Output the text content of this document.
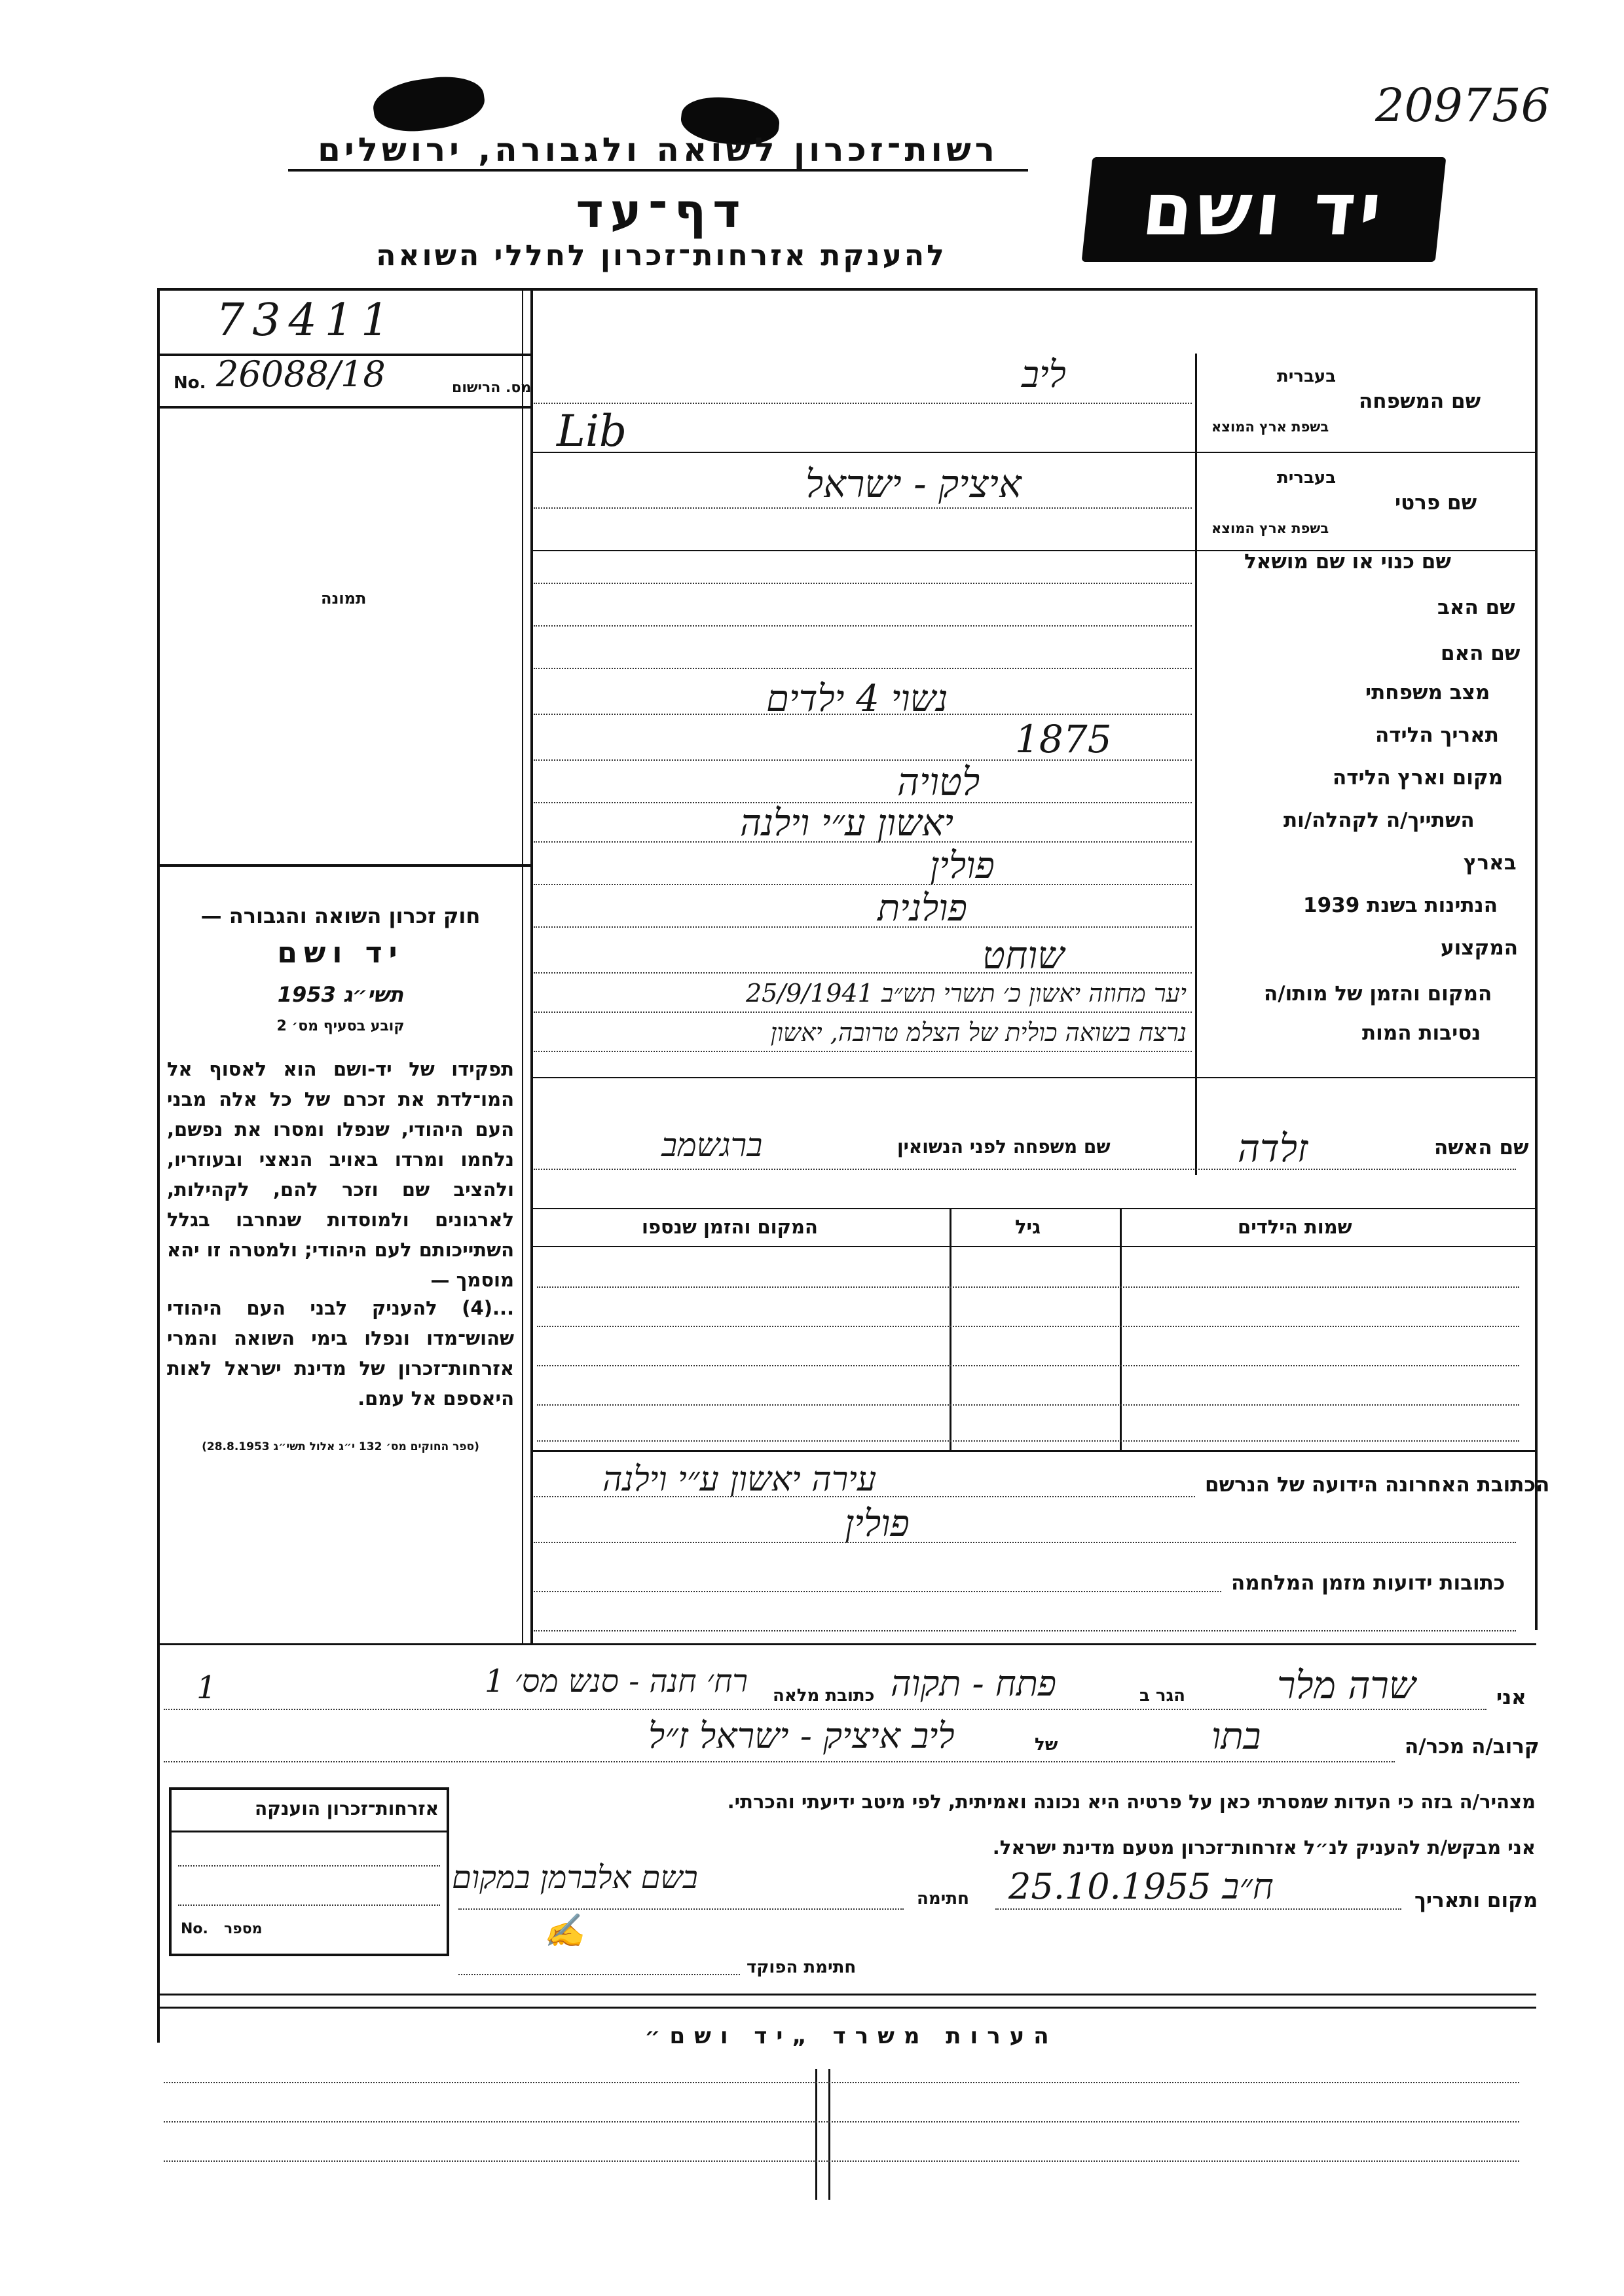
209756
רשות־זכרון לשואה ולגבורה, ירושלים
דף־עד
להענקת אזרחות־זכרון לחללי השואה
יד ושם
73411
No. 26088/18	מס. הרישום
תמונה
חוק זכרון השואה והגבורה —
יד ושם
תשי״ג 1953
קובע בסעיף מס׳ 2
תפקידו של יד-ושם הוא לאסוף אל המו־לדת את זכרם של כל אלה מבני העם היהודי, שנפלו ומסרו את נפשם, נלחמו ומרדו באויב הנאצי ובעוזריו, ולהציב שם וזכר להם, לקהילות, לארגונים ולמוסדות שנחרבו בגלל השתייכותם לעם היהודי; ולמטרה זו יהא מוסמך —
...(4) להעניק לבני העם היהודי שהוש־מדו ונפלו בימי השואה והמרי אזרחות־זכרון של מדינת ישראל לאות היאספם אל עמם.
(ספר החוקים מס׳ 132 י״ג אלול תשי״ג 28.8.1953)
שם המשפחה
בעברית
בשפת ארץ המוצא
ליב
Lib
שם פרטי
בעברית
בשפת ארץ המוצא
איציק - ישראל
שם כנוי או שם מושאל
שם האב
שם האם
מצב משפחתי
נשוי 4 ילדים
תאריך הלידה
1875
מקום וארץ הלידה
לטויה
השתייך/ה לקהלה/ות
יאשון ע״י וילנה
בארץ
פולין
הנתינות בשנת 1939
פולנית
המקצוע
שוחט
המקום והזמן של מותו/ה
יער מחוזה יאשון כ׳ תשרי תש״ב 25/9/1941
נסיבות המות
נרצח בשואה כולית של הצלמ טרובה, יאשון
שם האשה
זלדה
שם משפחה לפני הנשואין
ברגשמב
שמות הילדים
גיל
המקום והזמן שנספו
הכתובת האחרונה הידועה של הנרשם
עירה יאשון ע״י וילנה
פולין
כתובות ידועות מזמן המלחמה
אני
שרה מלר
הגר ב
פתח - תקוה
כתובת מלאה
רח׳ חנה - סנש מס׳ 1
1
קרוב/ה מכר/ה
בתו
של
ליב איציק - ישראל ז״ל
מצהיר/ה בזה כי העדות שמסרתי כאן על פרטיה היא נכונה ואמיתית, לפי מיטב ידיעתי והכרתי.
אני מבקש/ת להעניק לנ״ל אזרחות־זכרון מטעם מדינת ישראל.
מקום ותאריך
ח״ב 25.10.1955
חתימה
בשם אלברמן במקום
✍
חתימת הפוקד
אזרחות־זכרון הוענקה
No. מספר
הערות משרד „יד ושם״
